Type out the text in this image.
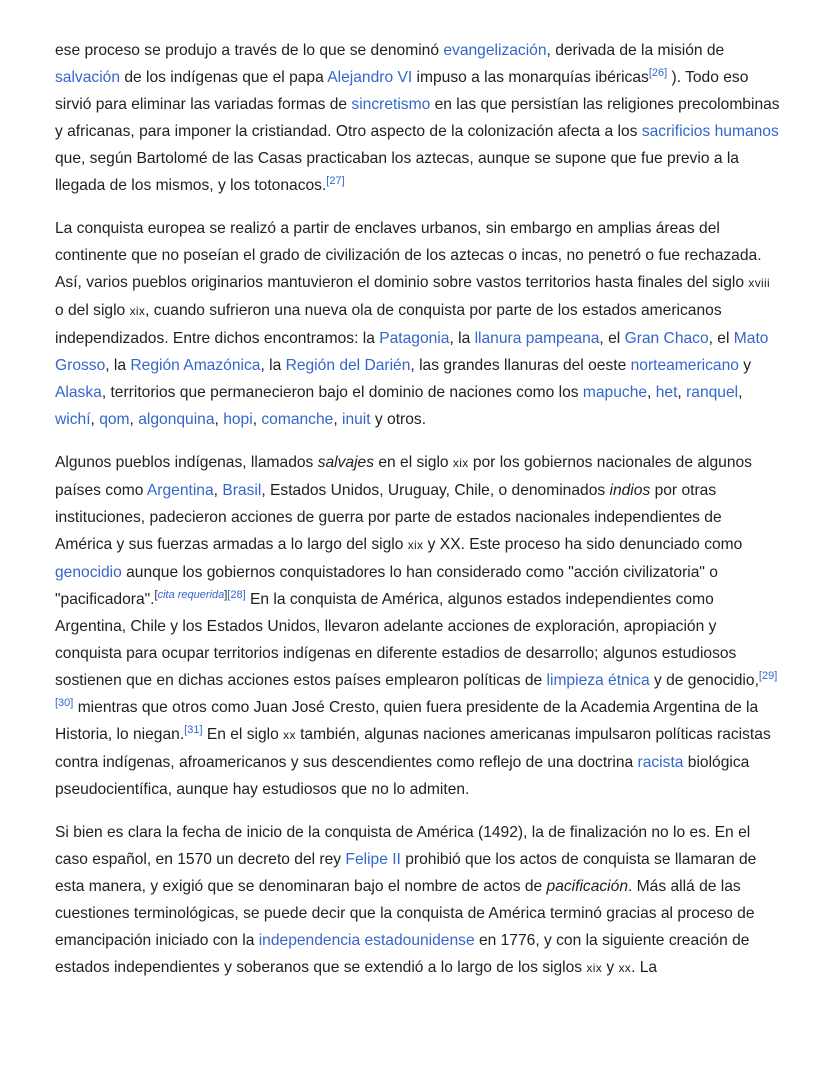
ese proceso se produjo a través de lo que se denominó evangelización, derivada de la misión de salvación de los indígenas que el papa Alejandro VI impuso a las monarquías ibéricas[26] ). Todo eso sirvió para eliminar las variadas formas de sincretismo en las que persistían las religiones precolombinas y africanas, para imponer la cristiandad. Otro aspecto de la colonización afecta a los sacrificios humanos que, según Bartolomé de las Casas practicaban los aztecas, aunque se supone que fue previo a la llegada de los mismos, y los totonacos.[27]

La conquista europea se realizó a partir de enclaves urbanos, sin embargo en amplias áreas del continente que no poseían el grado de civilización de los aztecas o incas, no penetró o fue rechazada. Así, varios pueblos originarios mantuvieron el dominio sobre vastos territorios hasta finales del siglo xviii o del siglo xix, cuando sufrieron una nueva ola de conquista por parte de los estados americanos independizados. Entre dichos encontramos: la Patagonia, la llanura pampeana, el Gran Chaco, el Mato Grosso, la Región Amazónica, la Región del Darién, las grandes llanuras del oeste norteamericano y Alaska, territorios que permanecieron bajo el dominio de naciones como los mapuche, het, ranquel, wichí, qom, algonquina, hopi, comanche, inuit y otros.

Algunos pueblos indígenas, llamados salvajes en el siglo xix por los gobiernos nacionales de algunos países como Argentina, Brasil, Estados Unidos, Uruguay, Chile, o denominados indios por otras instituciones, padecieron acciones de guerra por parte de estados nacionales independientes de América y sus fuerzas armadas a lo largo del siglo xix y XX. Este proceso ha sido denunciado como genocidio aunque los gobiernos conquistadores lo han considerado como "acción civilizatoria" o "pacificadora".[cita requerida][28] En la conquista de América, algunos estados independientes como Argentina, Chile y los Estados Unidos, llevaron adelante acciones de exploración, apropiación y conquista para ocupar territorios indígenas en diferente estadios de desarrollo; algunos estudiosos sostienen que en dichas acciones estos países emplearon políticas de limpieza étnica y de genocidio,[29] [30] mientras que otros como Juan José Cresto, quien fuera presidente de la Academia Argentina de la Historia, lo niegan.[31] En el siglo xx también, algunas naciones americanas impulsaron políticas racistas contra indígenas, afroamericanos y sus descendientes como reflejo de una doctrina racista biológica pseudocientífica, aunque hay estudiosos que no lo admiten.

Si bien es clara la fecha de inicio de la conquista de América (1492), la de finalización no lo es. En el caso español, en 1570 un decreto del rey Felipe II prohibió que los actos de conquista se llamaran de esta manera, y exigió que se denominaran bajo el nombre de actos de pacificación. Más allá de las cuestiones terminológicas, se puede decir que la conquista de América terminó gracias al proceso de emancipación iniciado con la independencia estadounidense en 1776, y con la siguiente creación de estados independientes y soberanos que se extendió a lo largo de los siglos xix y xx. La
